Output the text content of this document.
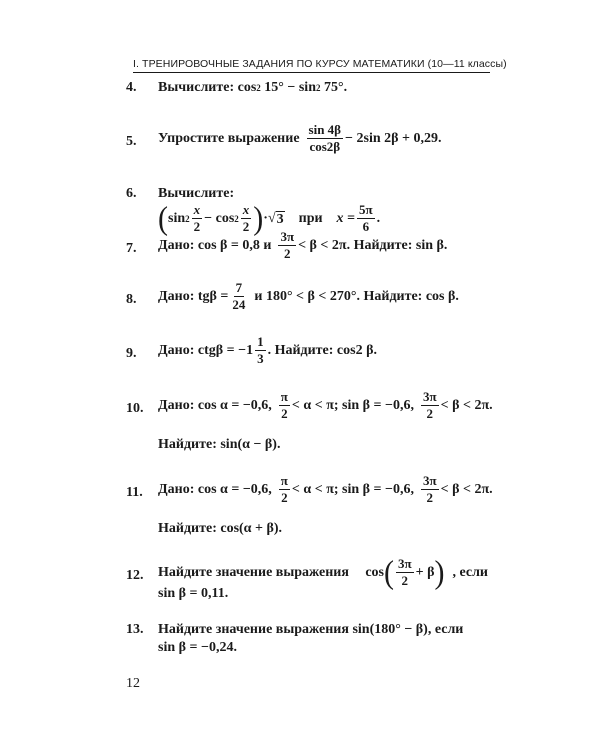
I. ТРЕНИРОВОЧНЫЕ ЗАДАНИЯ ПО КУРСУ МАТЕМАТИКИ (10—11 классы)
4.	Вычислите: cos 2 15° − sin 2 75°.
5.	Упростите выражение $\frac{\sin 4\beta}{\cos 2\beta} - 2\sin$ 2β + 0,29.
6.	Вычислите:
( $\sin 2 \frac{x}{2} - \cos 2 \frac{x}{2}$ ) · √ 3 при $x = \frac{5\pi}{6}$ .
7.	Дано: cos β = 0,8 и $\frac{3\pi}{2} < \beta < 2\pi$. Найдите: sin β.
8.	Дано: $tg\beta = \frac{7}{24}$ и 180° < β < 270°. Найдите: cos β.
9.	Дано: $ctg\beta = -1 \frac{1}{3}$ . Найдите: cos2 β.
10.	Дано: cos α = −0,6, $\frac{\pi}{2} < \alpha < \pi$; sin β = −0,6, $\frac{3\pi}{2} < \beta < 2\pi$.
Найдите: sin(α − β).
11.	Дано: cos α = −0,6, $\frac{\pi}{2} < \alpha < \pi$; sin β = −0,6, $\frac{3\pi}{2} < \beta < 2\pi$.
Найдите: cos(α + β).
12.	Найдите значение выражения cos ( $\frac{3\pi}{2} + \beta$ ) , если
sin β = 0,11.
13.	Найдите значение выражения sin(180° − β), если
sin β = −0,24.
12
